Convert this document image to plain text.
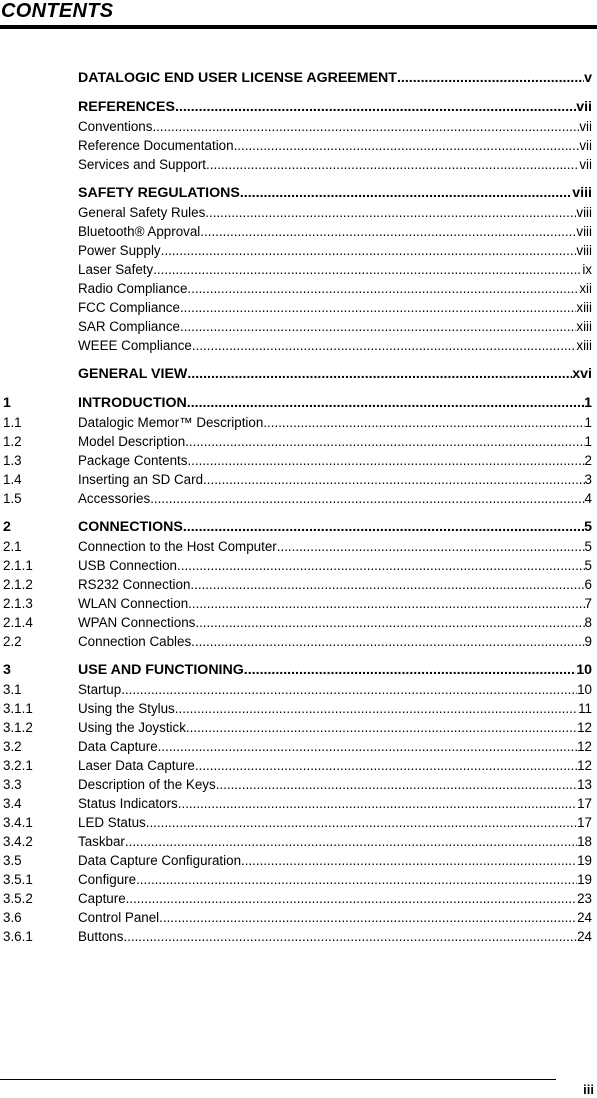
CONTENTS
DATALOGIC END USER LICENSE AGREEMENT .....	v
REFERENCES .....	vii
Conventions .....	vii
Reference Documentation .....	vii
Services and Support .....	vii
SAFETY REGULATIONS .....	viii
General Safety Rules .....	viii
Bluetooth® Approval .....	viii
Power Supply .....	viii
Laser Safety .....	ix
Radio Compliance .....	xii
FCC Compliance .....	xiii
SAR Compliance .....	xiii
WEEE Compliance .....	xiii
GENERAL VIEW .....	xvi
1	INTRODUCTION .....	1
1.1	Datalogic Memor™ Description .....	1
1.2	Model Description .....	1
1.3	Package Contents .....	2
1.4	Inserting an SD Card .....	3
1.5	Accessories .....	4
2	CONNECTIONS .....	5
2.1	Connection to the Host Computer .....	5
2.1.1	USB Connection .....	5
2.1.2	RS232 Connection .....	6
2.1.3	WLAN Connection .....	7
2.1.4	WPAN Connections .....	8
2.2	Connection Cables .....	9
3	USE AND FUNCTIONING .....	10
3.1	Startup .....	10
3.1.1	Using the Stylus .....	11
3.1.2	Using the Joystick .....	12
3.2	Data Capture .....	12
3.2.1	Laser Data Capture .....	12
3.3	Description of the Keys .....	13
3.4	Status Indicators .....	17
3.4.1	LED Status .....	17
3.4.2	Taskbar .....	18
3.5	Data Capture Configuration .....	19
3.5.1	Configure .....	19
3.5.2	Capture .....	23
3.6	Control Panel .....	24
3.6.1	Buttons .....	24
iii
